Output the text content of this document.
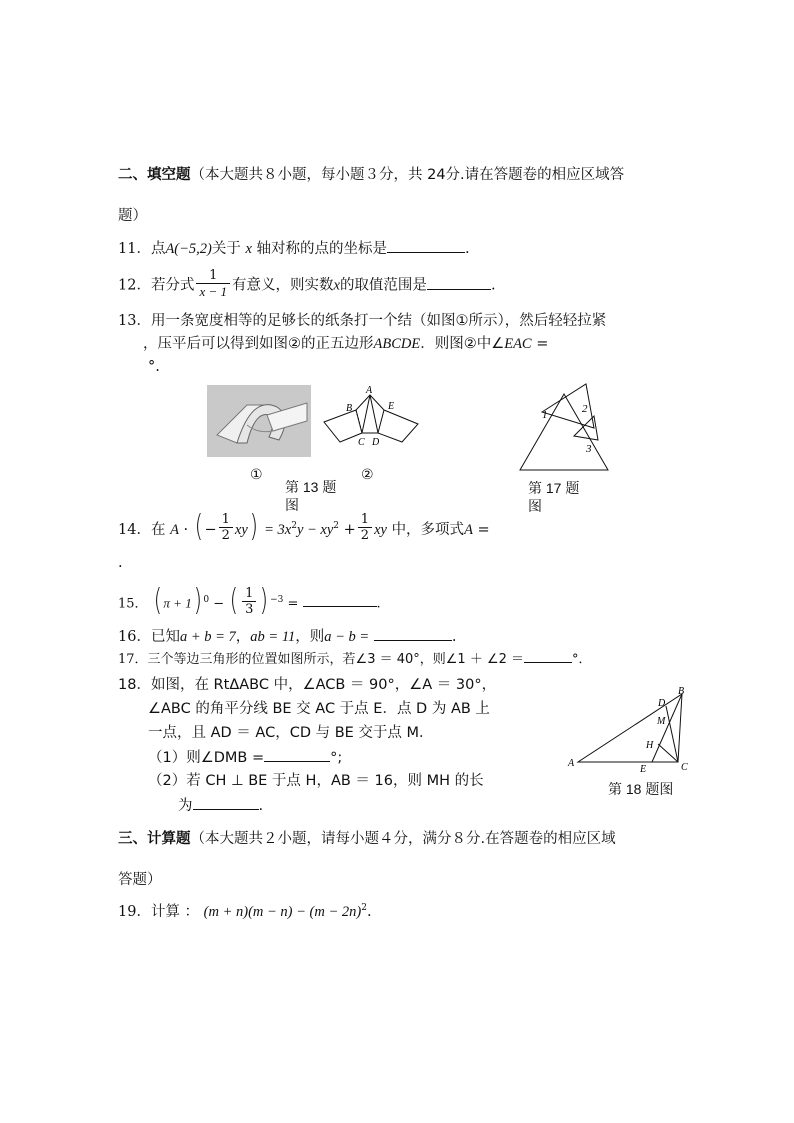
二、填空题（本大题共８小题，每小题３分，共 24分.请在答题卷的相应区域答
题）
11．点A(−5,2)关于 x 轴对称的点的坐标是	.
12．若分式 $\frac{1}{x - 1}$ 有意义，则实数x的取值范围是	.
13．用一条宽度相等的足够长的纸条打一个结（如图①所示），然后轻轻拉紧
，压平后可以得到如图②的正五边形ABCDE．则图②中∠EAC =
°.
①
A
B
C D
E
②
第 13 题
图
1	2
3
第 17 题
图
14．在 A · ( − $\frac{1}{2} xy) = 3x^2y - xy^2 + \frac{1}{2}$ xy 中，多项式A =
.
15． ( π + 1) $^0$ − ( $\frac{1}{3}$ ) $^{-3}$ =	.
16．已知a + b = 7，ab = 11，则a − b =	.
17．三个等边三角形的位置如图所示，若∠3 ＝ 40°，则∠1 ＋ ∠2 ＝	°．
18．如图，在 RtΔABC 中，∠ACB ＝ 90°，∠A ＝ 30°，
∠ABC 的角平分线 BE 交 AC 于点 E．点 D 为 AB 上
一点，且 AD ＝ AC，CD 与 BE 交于点 M．
（1）则∠DMB =	°;
（2）若 CH ⊥ BE 于点 H，AB ＝ 16，则 MH 的长
为	.
A
B
C
D
E
M
H
第 18 题图
三、计算题（本大题共２小题，请每小题４分，满分８分.在答题卷的相应区域
答题）
19．计算 ： $(m + n)(m - n) - (m - 2n)^2$.
